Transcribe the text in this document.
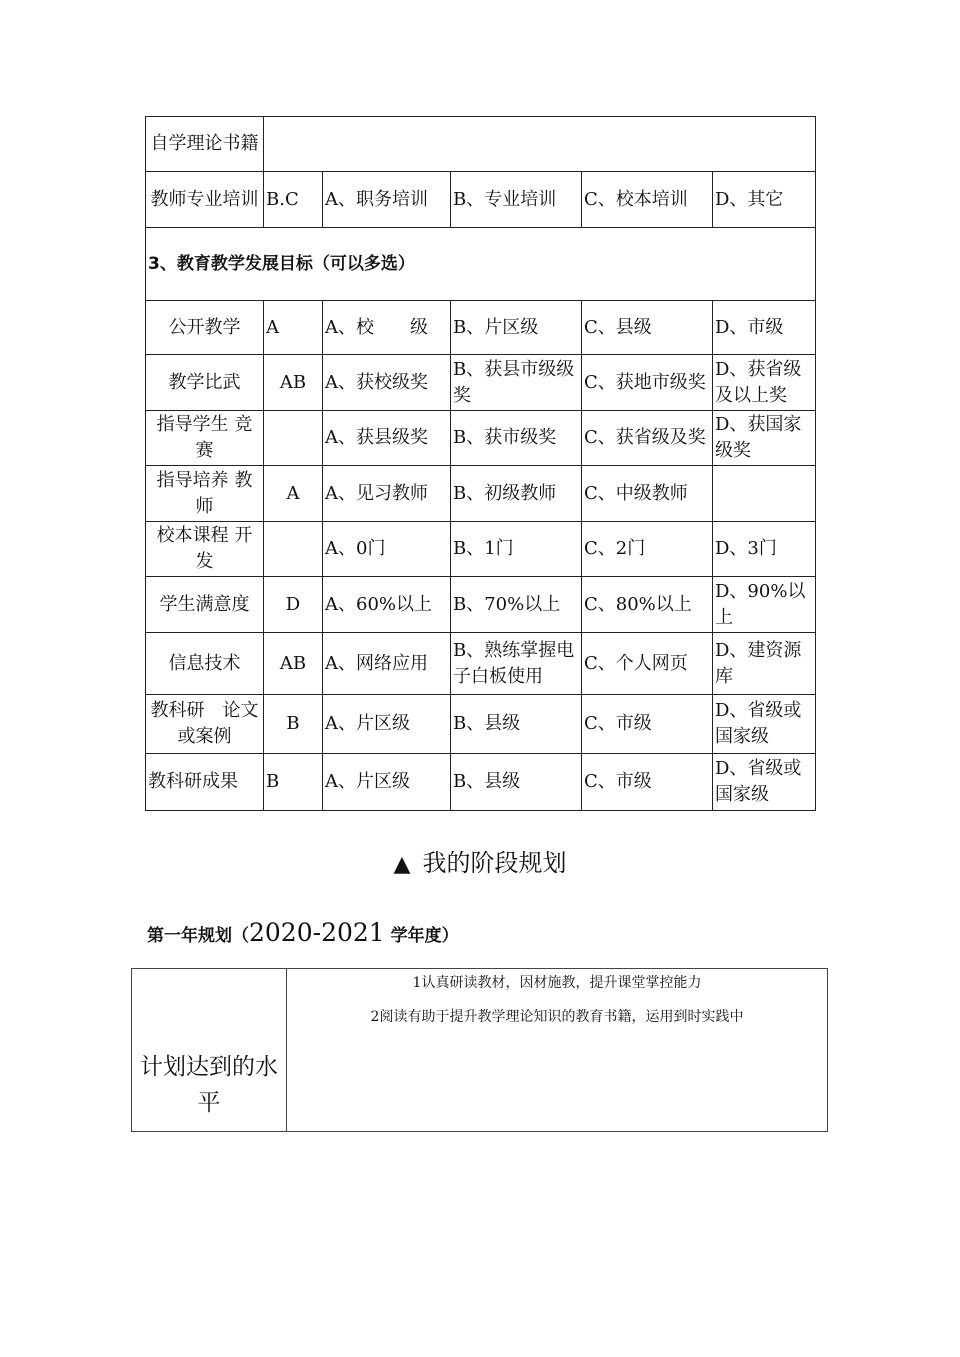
自学理论书籍					
教师专业培训	B.C	A、职务培训	B、专业培训	C、校本培训	D、其它
3、教育教学发展目标（可以多选）					
公开教学	A	A、校　　级	B、片区级	C、县级	D、市级
教学比武	AB	A、获校级奖	B、获县市级级奖	C、获地市级奖	D、获省级及以上奖
指导学生 竞赛		A、获县级奖	B、获市级奖	C、获省级及奖	D、获国家级奖
指导培养 教师	A	A、见习教师	B、初级教师	C、中级教师	
校本课程 开发		A、0门	B、1门	C、2门	D、3门
学生满意度	D	A、60%以上	B、70%以上	C、80%以上	D、90%以上
信息技术	AB	A、网络应用	B、熟练掌握电子白板使用	C、个人网页	D、建资源库
教科研　论文或案例	B	A、片区级	B、县级	C、市级	D、省级或国家级
教科研成果	B	A、片区级	B、县级	C、市级	D、省级或国家级
▲ 我的阶段规划
第一年规划（2020-2021 学年度）
计划达到的水平	
1认真研读教材，因材施教，提升课堂掌控能力
2阅读有助于提升教学理论知识的教育书籍，运用到时实践中
